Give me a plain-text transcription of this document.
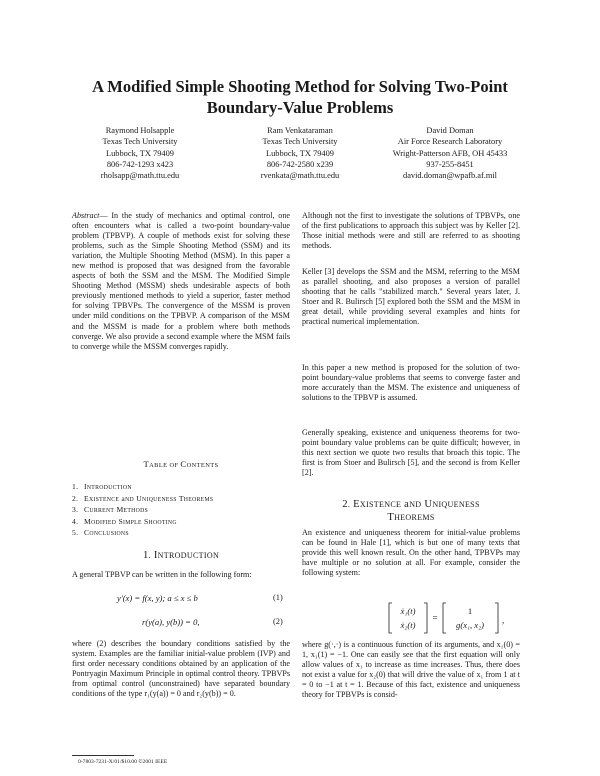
A Modified Simple Shooting Method for Solving Two-Point
Boundary-Value Problems
Raymond Holsapple
Texas Tech University
Lubbock, TX 79409
806-742-1293 x423
rholsapp@math.ttu.edu
Ram Venkataraman
Texas Tech University
Lubbock, TX 79409
806-742-2580 x239
rvenkata@math.ttu.edu
David Doman
Air Force Research Laboratory
Wright-Patterson AFB, OH 45433
937-255-8451
david.doman@wpafb.af.mil

Abstract— In the study of mechanics and optimal control, one often encounters what is called a two-point boundary-value problem (TPBVP). A couple of methods exist for solving these problems, such as the Simple Shooting Method (SSM) and its variation, the Multiple Shooting Method (MSM). In this paper a new method is proposed that was designed from the favorable aspects of both the SSM and the MSM. The Modified Simple Shooting Method (MSSM) sheds undesirable aspects of both previously mentioned methods to yield a superior, faster method for solving TPBVPs. The convergence of the MSSM is proven under mild conditions on the TPBVP. A comparison of the MSM and the MSSM is made for a problem where both methods converge. We also provide a second example where the MSM fails to converge while the MSSM converges rapidly.

TABLE OF CONTENTS
1. INTRODUCTION
2. EXISTENCE aND UNIQUENESS THEOREMS
3. CURRENT METHODS
4. MODIFIED SIMPLE SHOOTING
5. CONCLUSIONS
1. INTRODUCTION

A general TPBVP can be written in the following form:

y′(x) = f(x, y); a ≤ x ≤ b	(1)
r(y(a), y(b)) = 0,	(2)

where (2) describes the boundary conditions satisfied by the system. Examples are the familiar initial-value problem (IVP) and first order necessary conditions obtained by an application of the Pontryagin Maximum Principle in optimal control theory. TPBVPs from optimal control (unconstrained) have separated boundary conditions of the type r₁(y(a)) = 0 and r₂(y(b)) = 0.

0-7803-7231-X/01/$10.00 ©2001 IEEE

Although not the first to investigate the solutions of TPBVPs, one of the first publications to approach this subject was by Keller [2]. Those initial methods were and still are referred to as shooting methods.

Keller [3] develops the SSM and the MSM, referring to the MSM as parallel shooting, and also proposes a version of parallel shooting that he calls "stabilized march." Several years later, J. Stoer and R. Bulirsch [5] explored both the SSM and the MSM in great detail, while providing several examples and hints for practical numerical implementation.

In this paper a new method is proposed for the solution of two-point boundary-value problems that seems to converge faster and more accurately than the MSM. The existence and uniqueness of solutions to the TPBVP is assumed.

Generally speaking, existence and uniqueness theorems for two-point boundary value problems can be quite difficult; however, in this next section we quote two results that broach this topic. The first is from Stoer and Bulirsch [5], and the second is from Keller [2].

2. EXISTENCE aND UNIQUENESS
THEOREMS

An existence and uniqueness theorem for initial-value problems can be found in Hale [1], which is but one of many texts that provide this well known result. On the other hand, TPBVPs may have multiple or no solution at all. For example, consider the following system:

ẋ₁(t)
ẋ₂(t)
1
g(x₁, x₂)
=	,

where g(·,·) is a continuous function of its arguments, and x₁(0) = 1, x₁(1) = −1. One can easily see that the first equation will only allow values of x₁ to increase as time increases. Thus, there does not exist a value for x₂(0) that will drive the value of x₁ from 1 at t = 0 to −1 at t = 1. Because of this fact, existence and uniqueness theory for TPBVPs is consid-
